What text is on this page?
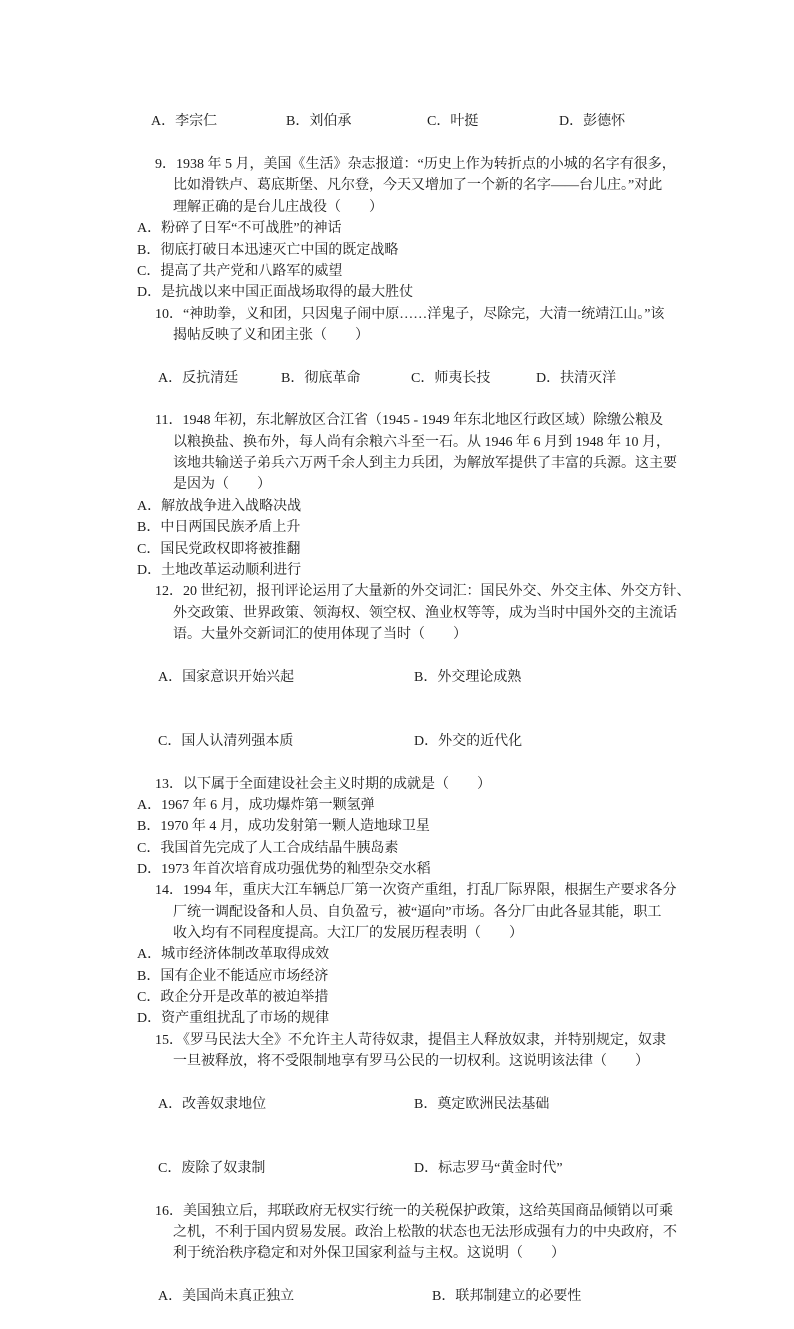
A．李宗仁	B．刘伯承	C．叶挺	D．彭德怀

9．1938 年 5 月，美国《生活》杂志报道：“历史上作为转折点的小城的名字有很多，
比如滑铁卢、葛底斯堡、凡尔登，今天又增加了一个新的名字——台儿庄。”对此
理解正确的是台儿庄战役（　　）
A．粉碎了日军“不可战胜”的神话
B．彻底打破日本迅速灭亡中国的既定战略
C．提高了共产党和八路军的威望
D．是抗战以来中国正面战场取得的最大胜仗
10．“神助拳，义和团，只因鬼子闹中原……洋鬼子，尽除完，大清一统靖江山。”该
揭帖反映了义和团主张（　　）

A．反抗清廷	B．彻底革命	C．师夷长技	D．扶清灭洋

11．1948 年初，东北解放区合江省（1945 - 1949 年东北地区行政区域）除缴公粮及
以粮换盐、换布外，每人尚有余粮六斗至一石。从 1946 年 6 月到 1948 年 10 月，
该地共输送子弟兵六万两千余人到主力兵团，为解放军提供了丰富的兵源。这主要
是因为（　　）
A．解放战争进入战略决战
B．中日两国民族矛盾上升
C．国民党政权即将被推翻
D．土地改革运动顺利进行
12．20 世纪初，报刊评论运用了大量新的外交词汇：国民外交、外交主体、外交方针、
外交政策、世界政策、领海权、领空权、渔业权等等，成为当时中国外交的主流话
语。大量外交新词汇的使用体现了当时（　　）

A．国家意识开始兴起	B．外交理论成熟

C．国人认清列强本质	D．外交的近代化

13．以下属于全面建设社会主义时期的成就是（　　）
A．1967 年 6 月，成功爆炸第一颗氢弹
B．1970 年 4 月，成功发射第一颗人造地球卫星
C．我国首先完成了人工合成结晶牛胰岛素
D．1973 年首次培育成功强优势的籼型杂交水稻
14．1994 年，重庆大江车辆总厂第一次资产重组，打乱厂际界限，根据生产要求各分
厂统一调配设备和人员、自负盈亏，被“逼向”市场。各分厂由此各显其能，职工
收入均有不同程度提高。大江厂的发展历程表明（　　）
A．城市经济体制改革取得成效
B．国有企业不能适应市场经济
C．政企分开是改革的被迫举措
D．资产重组扰乱了市场的规律
15．《罗马民法大全》不允许主人苛待奴隶，提倡主人释放奴隶，并特别规定，奴隶
一旦被释放，将不受限制地享有罗马公民的一切权利。这说明该法律（　　）

A．改善奴隶地位	B．奠定欧洲民法基础

C．废除了奴隶制	D．标志罗马“黄金时代”

16．美国独立后，邦联政府无权实行统一的关税保护政策，这给英国商品倾销以可乘
之机，不利于国内贸易发展。政治上松散的状态也无法形成强有力的中央政府，不
利于统治秩序稳定和对外保卫国家利益与主权。这说明（　　）

A．美国尚未真正独立	B．联邦制建立的必要性
